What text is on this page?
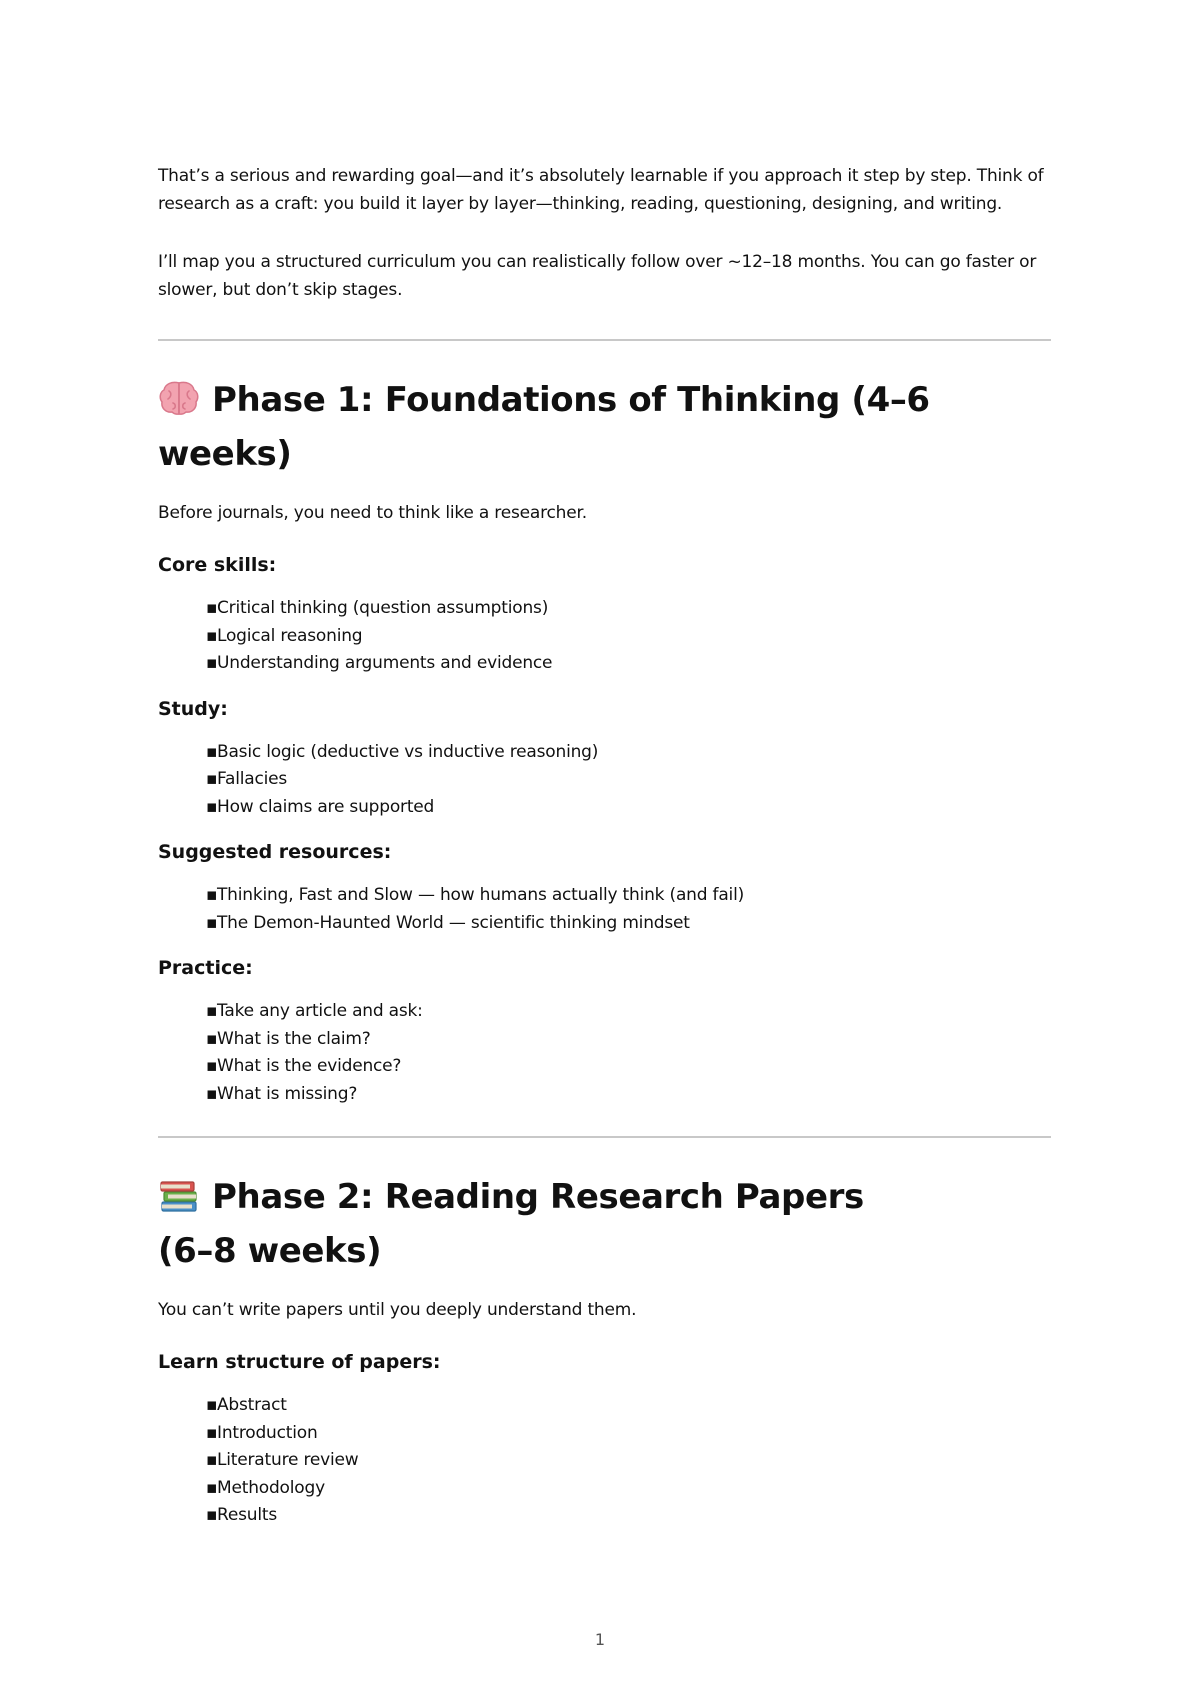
That’s a serious and rewarding goal—and it’s absolutely learnable if you approach it step by step. Think of research as a craft: you build it layer by layer—thinking, reading, questioning, designing, and writing.

I’ll map you a structured curriculum you can realistically follow over ~12–18 months. You can go faster or slower, but don’t skip stages.

Phase 1: Foundations of Thinking (4–6 weeks)

Before journals, you need to think like a researcher.

Core skills:
▪Critical thinking (question assumptions)
▪Logical reasoning
▪Understanding arguments and evidence
Study:
▪Basic logic (deductive vs inductive reasoning)
▪Fallacies
▪How claims are supported
Suggested resources:
▪Thinking, Fast and Slow — how humans actually think (and fail)
▪The Demon-Haunted World — scientific thinking mindset
Practice:
▪Take any article and ask:
▪What is the claim?
▪What is the evidence?
▪What is missing?
Phase 2: Reading Research Papers (6–8 weeks)

You can’t write papers until you deeply understand them.

Learn structure of papers:
▪Abstract
▪Introduction
▪Literature review
▪Methodology
▪Results
1
